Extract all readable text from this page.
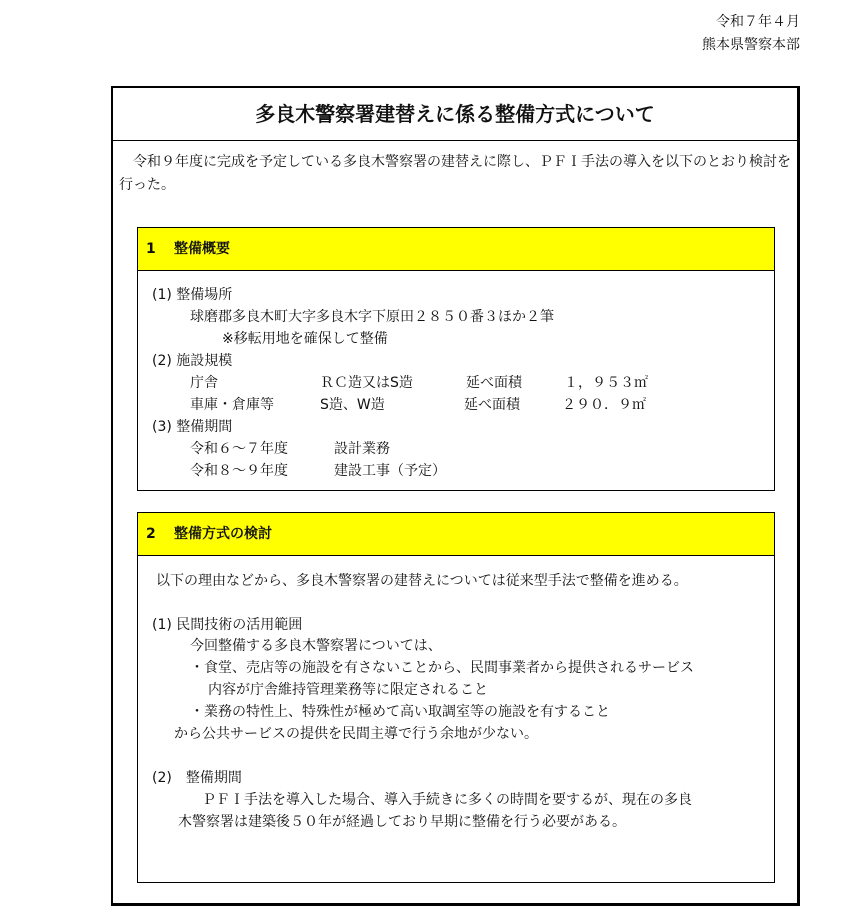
令和７年４月
熊本県警察本部
多良木警察署建替えに係る整備方式について
　令和９年度に完成を予定している多良木警察署の建替えに際し、ＰＦＩ手法の導入を以下のとおり検討を行った。
1 整備概要
(1) 整備場所
球磨郡多良木町大字多良木字下原田２８５０番３ほか２筆
※移転用地を確保して整備
(2) 施設規模
庁舎	ＲＣ造又はS造	延べ面積	１，９５３㎡
車庫・倉庫等	S造、W造	延べ面積	２９０．９㎡
(3) 整備期間
令和６～７年度	設計業務
令和８～９年度	建設工事（予定）
2 整備方式の検討
以下の理由などから、多良木警察署の建替えについては従来型手法で整備を進める。
(1) 民間技術の活用範囲
今回整備する多良木警察署については、
・食堂、売店等の施設を有さないことから、民間事業者から提供されるサービス
内容が庁舎維持管理業務等に限定されること
・業務の特性上、特殊性が極めて高い取調室等の施設を有すること
から公共サービスの提供を民間主導で行う余地が少ない。
(2)　整備期間
ＰＦＩ手法を導入した場合、導入手続きに多くの時間を要するが、現在の多良
木警察署は建築後５０年が経過しており早期に整備を行う必要がある。
